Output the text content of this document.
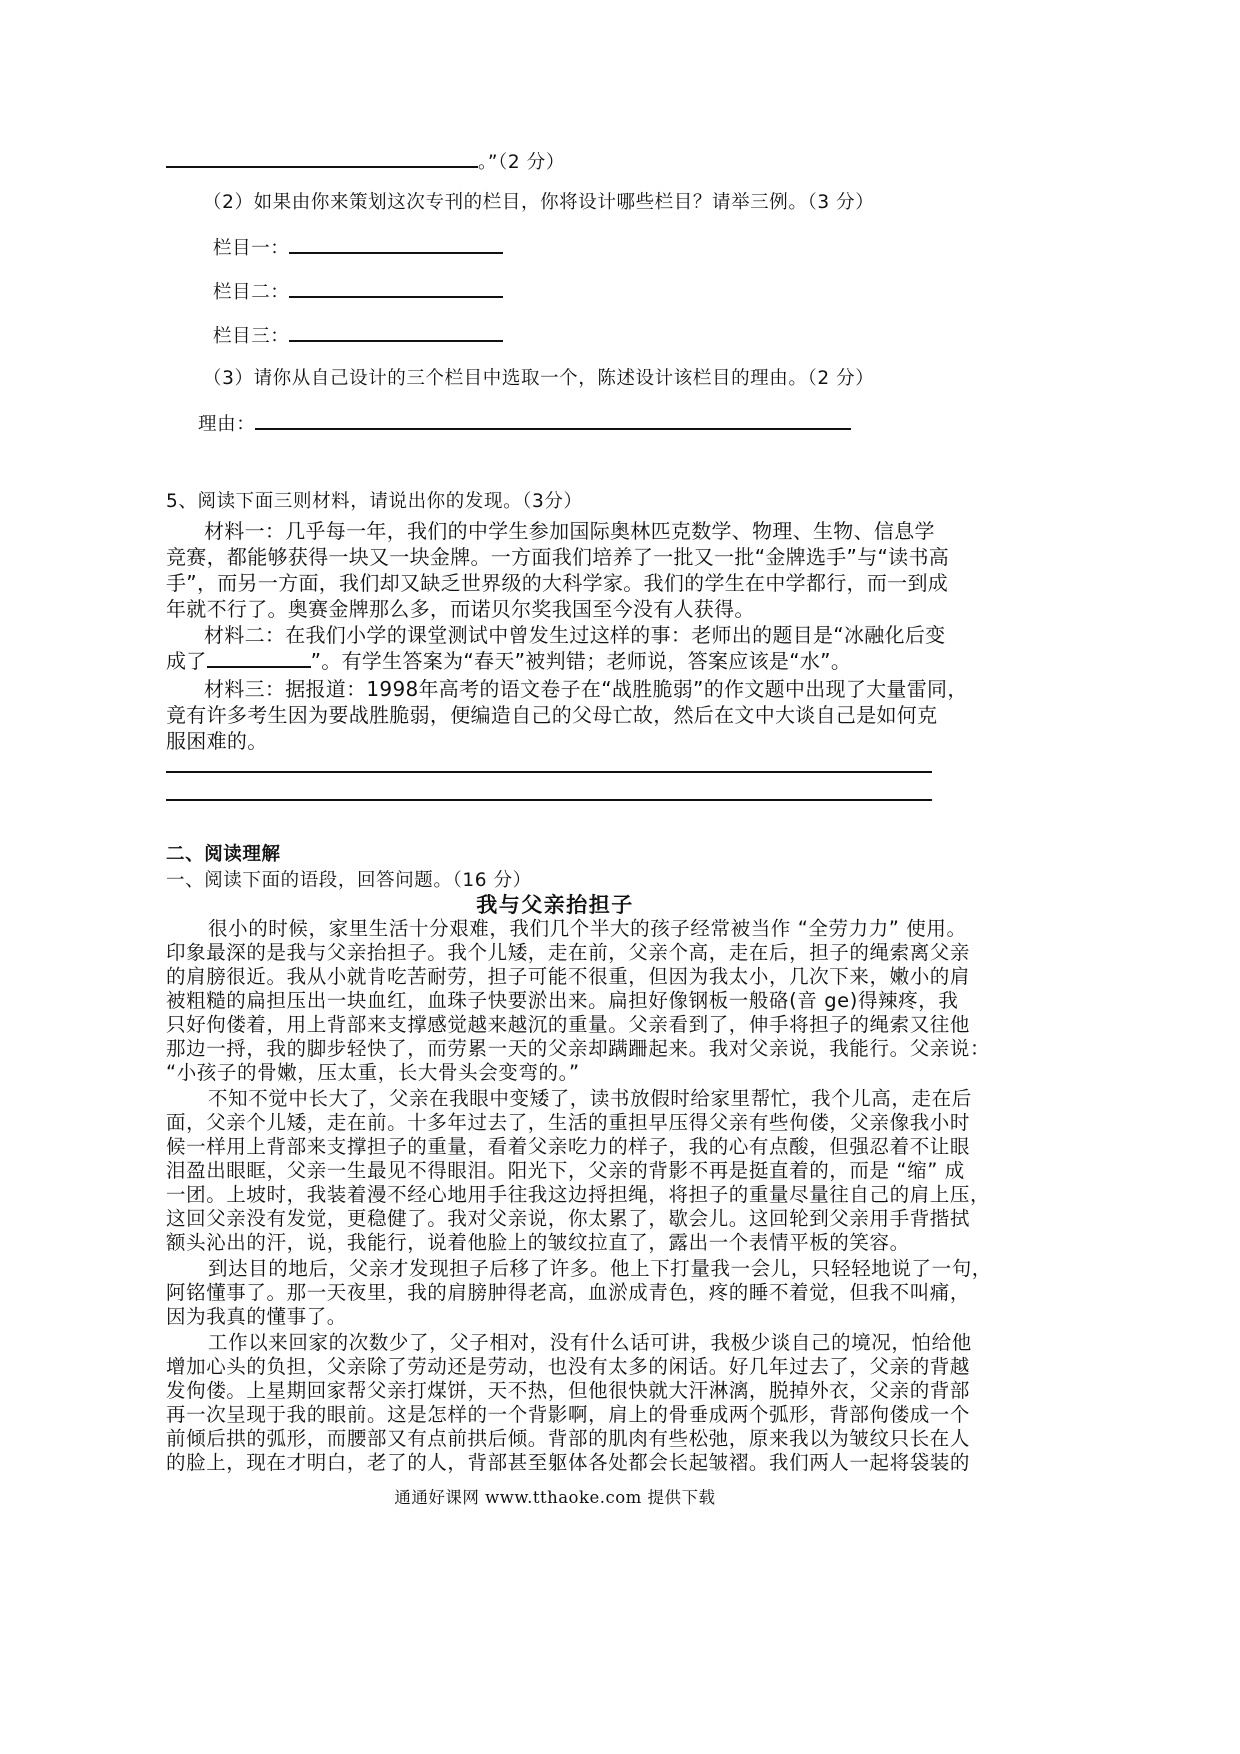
。”（2 分）
（2）如果由你来策划这次专刊的栏目，你将设计哪些栏目？请举三例。（3 分）
栏目一：
栏目二：
栏目三：
（3）请你从自己设计的三个栏目中选取一个，陈述设计该栏目的理由。（2 分）
理由：
5、阅读下面三则材料，请说出你的发现。（3分）
材料一：几乎每一年，我们的中学生参加国际奥林匹克数学、物理、生物、信息学
竞赛，都能够获得一块又一块金牌。一方面我们培养了一批又一批“金牌选手”与“读书高
手”，而另一方面，我们却又缺乏世界级的大科学家。我们的学生在中学都行，而一到成
年就不行了。奥赛金牌那么多，而诺贝尔奖我国至今没有人获得。
材料二：在我们小学的课堂测试中曾发生过这样的事：老师出的题目是“冰融化后变
成了	”。有学生答案为“春天”被判错；老师说，答案应该是“水”。
材料三：据报道：1998年高考的语文卷子在“战胜脆弱”的作文题中出现了大量雷同，
竟有许多考生因为要战胜脆弱，便编造自己的父母亡故，然后在文中大谈自己是如何克
服困难的。
二、阅读理解
一、阅读下面的语段，回答问题。（16 分）
我与父亲抬担子
很小的时候，家里生活十分艰难，我们几个半大的孩子经常被当作 “全劳力力” 使用。
印象最深的是我与父亲抬担子。我个儿矮，走在前，父亲个高，走在后，担子的绳索离父亲
的肩膀很近。我从小就肯吃苦耐劳，担子可能不很重，但因为我太小，几次下来，嫩小的肩
被粗糙的扁担压出一块血红，血珠子快要淤出来。扁担好像钢板一般硌(音 ge)得辣疼，我
只好佝偻着，用上背部来支撑感觉越来越沉的重量。父亲看到了，伸手将担子的绳索又往他
那边一捋，我的脚步轻快了，而劳累一天的父亲却蹒跚起来。我对父亲说，我能行。父亲说：
“小孩子的骨嫩，压太重，长大骨头会变弯的。”
不知不觉中长大了，父亲在我眼中变矮了，读书放假时给家里帮忙，我个儿高，走在后
面，父亲个儿矮，走在前。十多年过去了，生活的重担早压得父亲有些佝偻，父亲像我小时
候一样用上背部来支撑担子的重量，看着父亲吃力的样子，我的心有点酸，但强忍着不让眼
泪盈出眼眶，父亲一生最见不得眼泪。阳光下，父亲的背影不再是挺直着的，而是 “缩” 成
一团。上坡时，我装着漫不经心地用手往我这边捋担绳，将担子的重量尽量往自己的肩上压，
这回父亲没有发觉，更稳健了。我对父亲说，你太累了，歇会儿。这回轮到父亲用手背揩拭
额头沁出的汗，说，我能行，说着他脸上的皱纹拉直了，露出一个表情平板的笑容。
到达目的地后，父亲才发现担子后移了许多。他上下打量我一会儿，只轻轻地说了一句，
阿铭懂事了。那一天夜里，我的肩膀肿得老高，血淤成青色，疼的睡不着觉，但我不叫痛，
因为我真的懂事了。
工作以来回家的次数少了，父子相对，没有什么话可讲，我极少谈自己的境况，怕给他
增加心头的负担，父亲除了劳动还是劳动，也没有太多的闲话。好几年过去了，父亲的背越
发佝偻。上星期回家帮父亲打煤饼，天不热，但他很快就大汗淋漓，脱掉外衣，父亲的背部
再一次呈现于我的眼前。这是怎样的一个背影啊，肩上的骨垂成两个弧形，背部佝偻成一个
前倾后拱的弧形，而腰部又有点前拱后倾。背部的肌肉有些松弛，原来我以为皱纹只长在人
的脸上，现在才明白，老了的人，背部甚至躯体各处都会长起皱褶。我们两人一起将袋装的
通通好课网 www.tthaoke.com 提供下载
